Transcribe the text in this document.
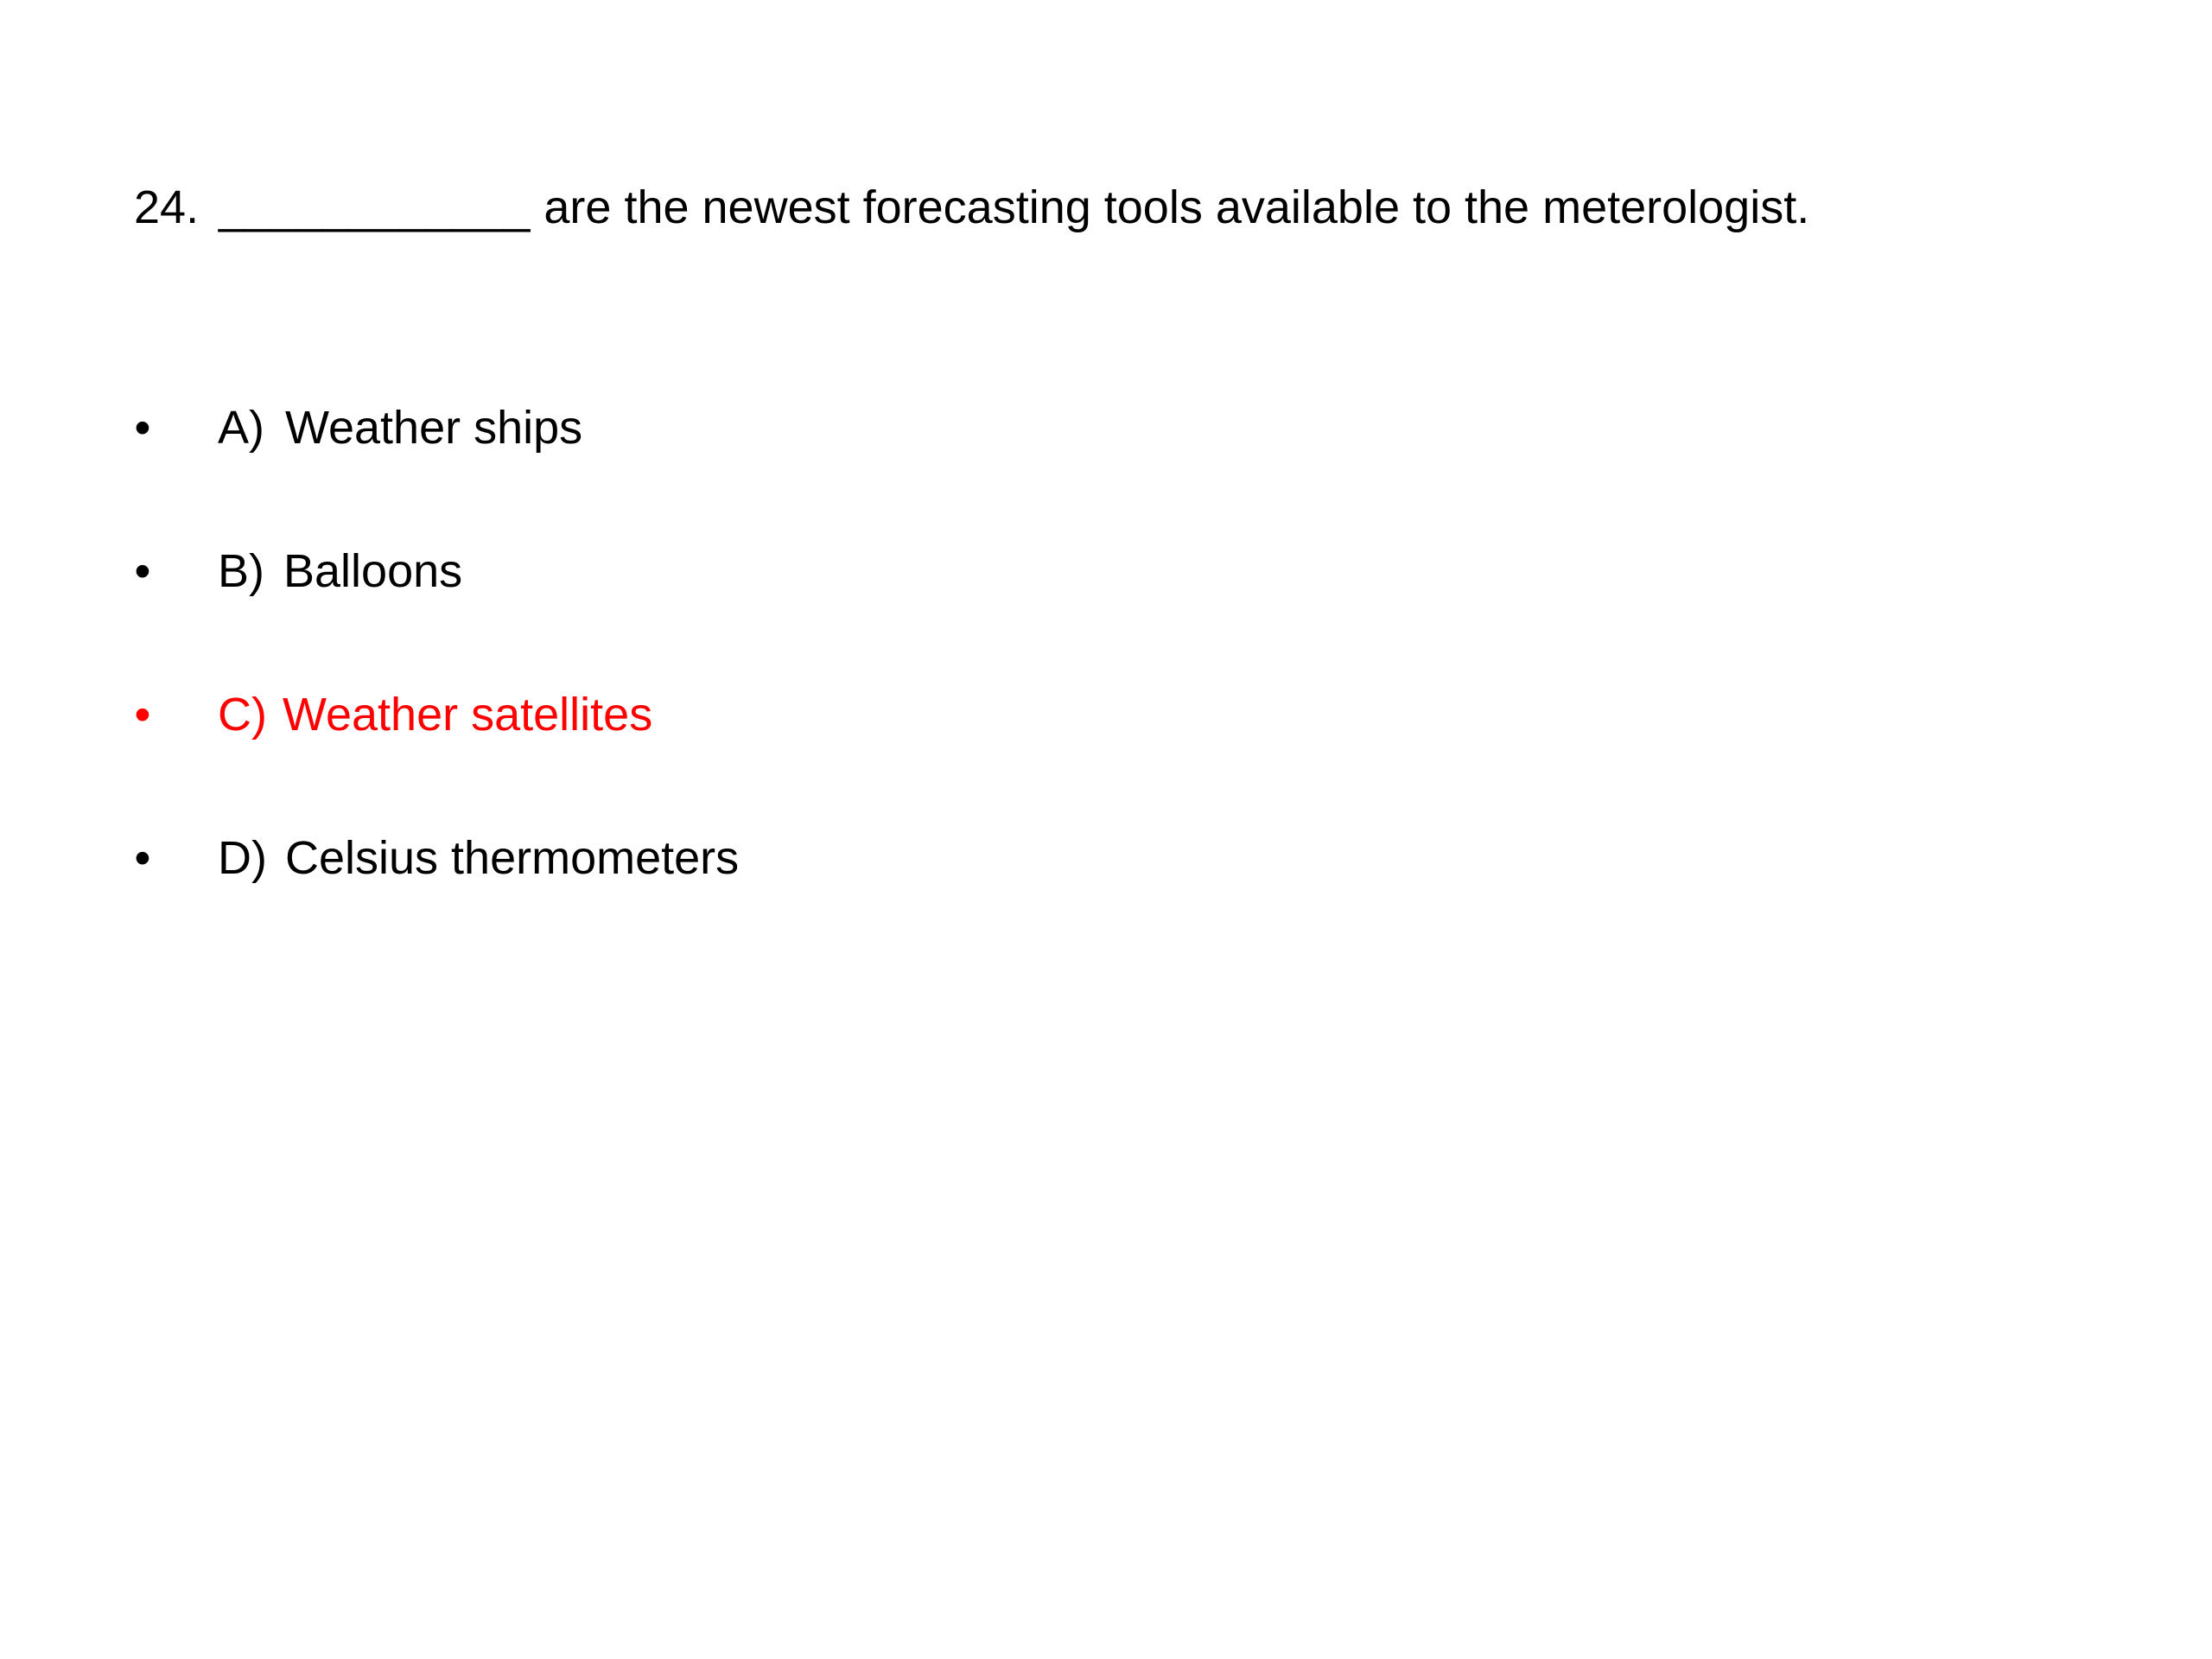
24. ____________ are the newest forecasting tools available to the meterologist.
• A) Weather ships
• B) Balloons
• C) Weather satellites
• D) Celsius thermometers
